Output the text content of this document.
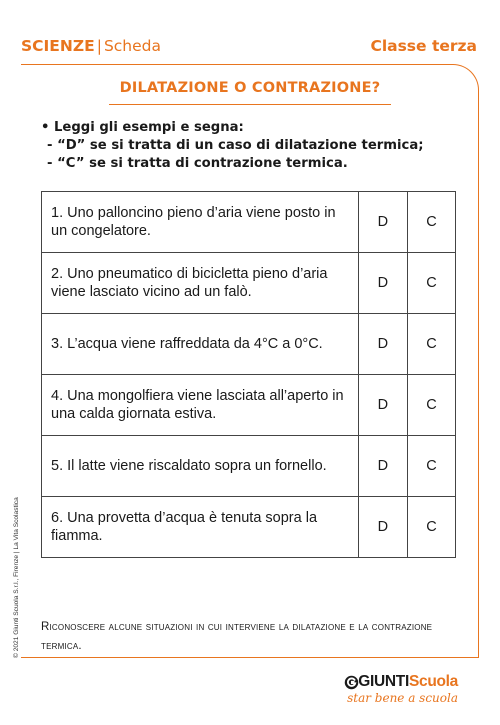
SCIENZE | Scheda	Classe terza
DILATAZIONE O CONTRAZIONE?
• Leggi gli esempi e segna:
- “D” se si tratta di un caso di dilatazione termica;
- “C” se si tratta di contrazione termica.
1. Uno palloncino pieno d’aria viene posto in un congelatore.	D	C
2. Uno pneumatico di bicicletta pieno d’aria viene lasciato vicino ad un falò.	D	C
3. L’acqua viene raffreddata da 4°C a 0°C.	D	C
4. Una mongolfiera viene lasciata all’aperto in una calda giornata estiva.	D	C
5. Il latte viene riscaldato sopra un fornello.	D	C
6. Una provetta d’acqua è tenuta sopra la fiamma.	D	C
Riconoscere alcune situazioni in cui interviene la dilatazione e la contrazione termica.
© 2021 Giunti Scuola S.r.l., Firenze | La Vita Scolastica
GIUNTIScuola
star bene a scuola
